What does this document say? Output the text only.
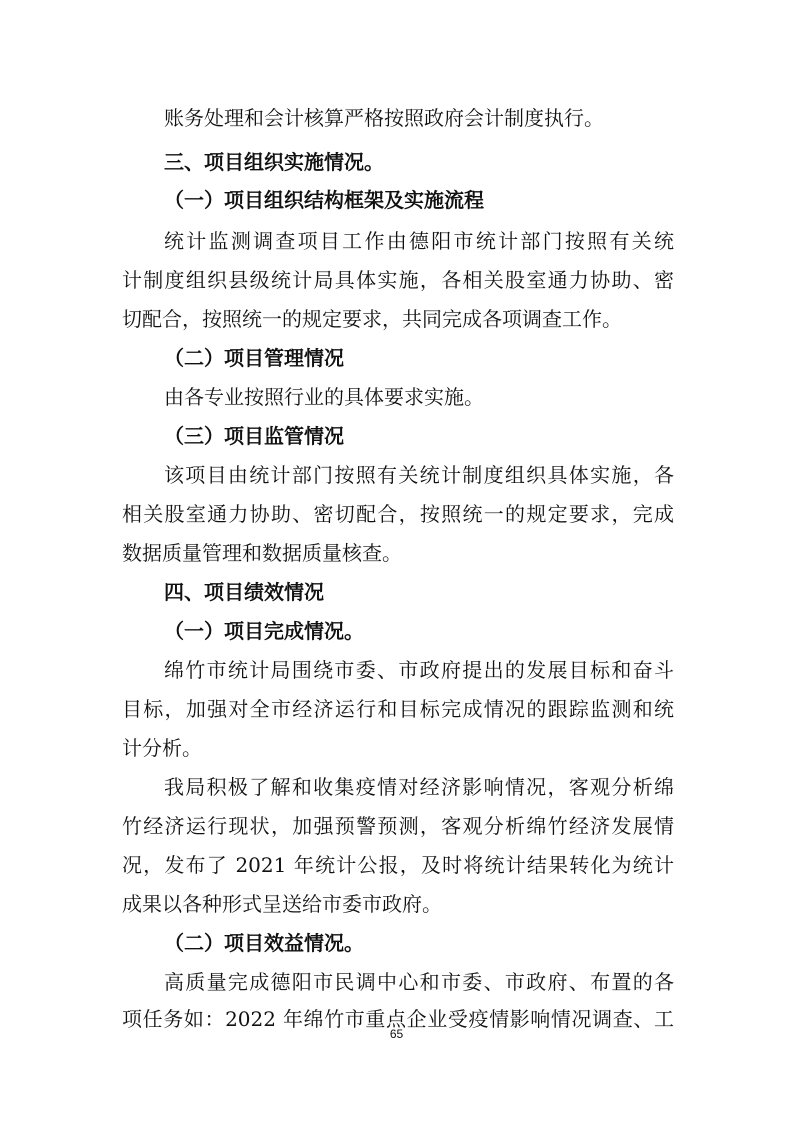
账务处理和会计核算严格按照政府会计制度执行。
三、项目组织实施情况。
（一）项目组织结构框架及实施流程
统计监测调查项目工作由德阳市统计部门按照有关统
计制度组织县级统计局具体实施，各相关股室通力协助、密
切配合，按照统一的规定要求，共同完成各项调查工作。
（二）项目管理情况
由各专业按照行业的具体要求实施。
（三）项目监管情况
该项目由统计部门按照有关统计制度组织具体实施，各
相关股室通力协助、密切配合，按照统一的规定要求，完成
数据质量管理和数据质量核查。
四、项目绩效情况
（一）项目完成情况。
绵竹市统计局围绕市委、市政府提出的发展目标和奋斗
目标，加强对全市经济运行和目标完成情况的跟踪监测和统
计分析。
我局积极了解和收集疫情对经济影响情况，客观分析绵
竹经济运行现状，加强预警预测，客观分析绵竹经济发展情
况，发布了 2021 年统计公报，及时将统计结果转化为统计
成果以各种形式呈送给市委市政府。
（二）项目效益情况。
高质量完成德阳市民调中心和市委、市政府、布置的各
项任务如：2022 年绵竹市重点企业受疫情影响情况调查、工
65
